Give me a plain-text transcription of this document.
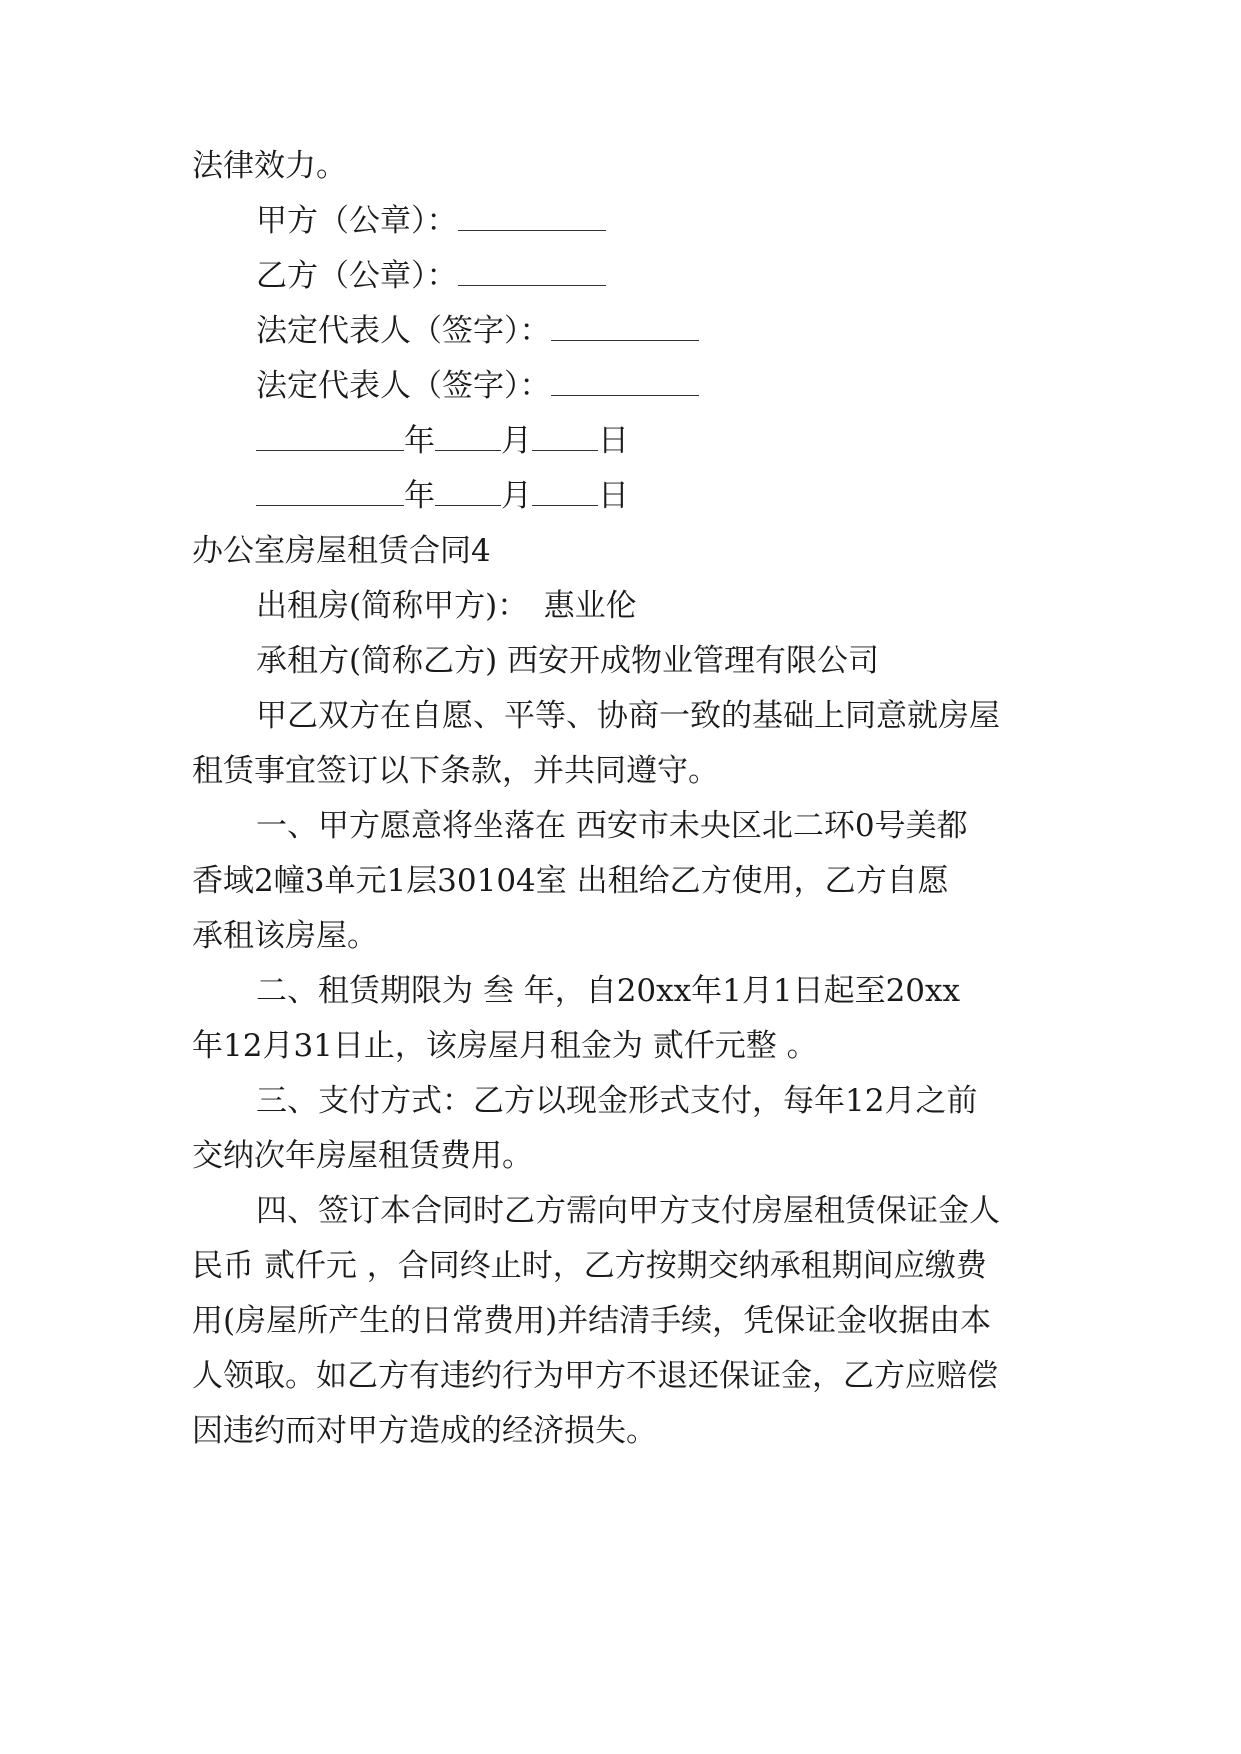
法律效力。
甲方（公章）：
乙方（公章）：
法定代表人（签字）：
法定代表人（签字）：
年 月 日
年 月 日
办公室房屋租赁合同4
出租房(简称甲方)：　惠业伦
承租方(简称乙方) 西安开成物业管理有限公司
甲乙双方在自愿、平等、协商一致的基础上同意就房屋
租赁事宜签订以下条款，并共同遵守。
一、甲方愿意将坐落在 西安市未央区北二环0号美都
香域2幢3单元1层30104室 出租给乙方使用，乙方自愿
承租该房屋。
二、租赁期限为 叁 年，自20xx年1月1日起至20xx
年12月31日止，该房屋月租金为 贰仟元整 。
三、支付方式：乙方以现金形式支付，每年12月之前
交纳次年房屋租赁费用。
四、签订本合同时乙方需向甲方支付房屋租赁保证金人
民币 贰仟元 ，合同终止时，乙方按期交纳承租期间应缴费
用(房屋所产生的日常费用)并结清手续，凭保证金收据由本
人领取。如乙方有违约行为甲方不退还保证金，乙方应赔偿
因违约而对甲方造成的经济损失。
